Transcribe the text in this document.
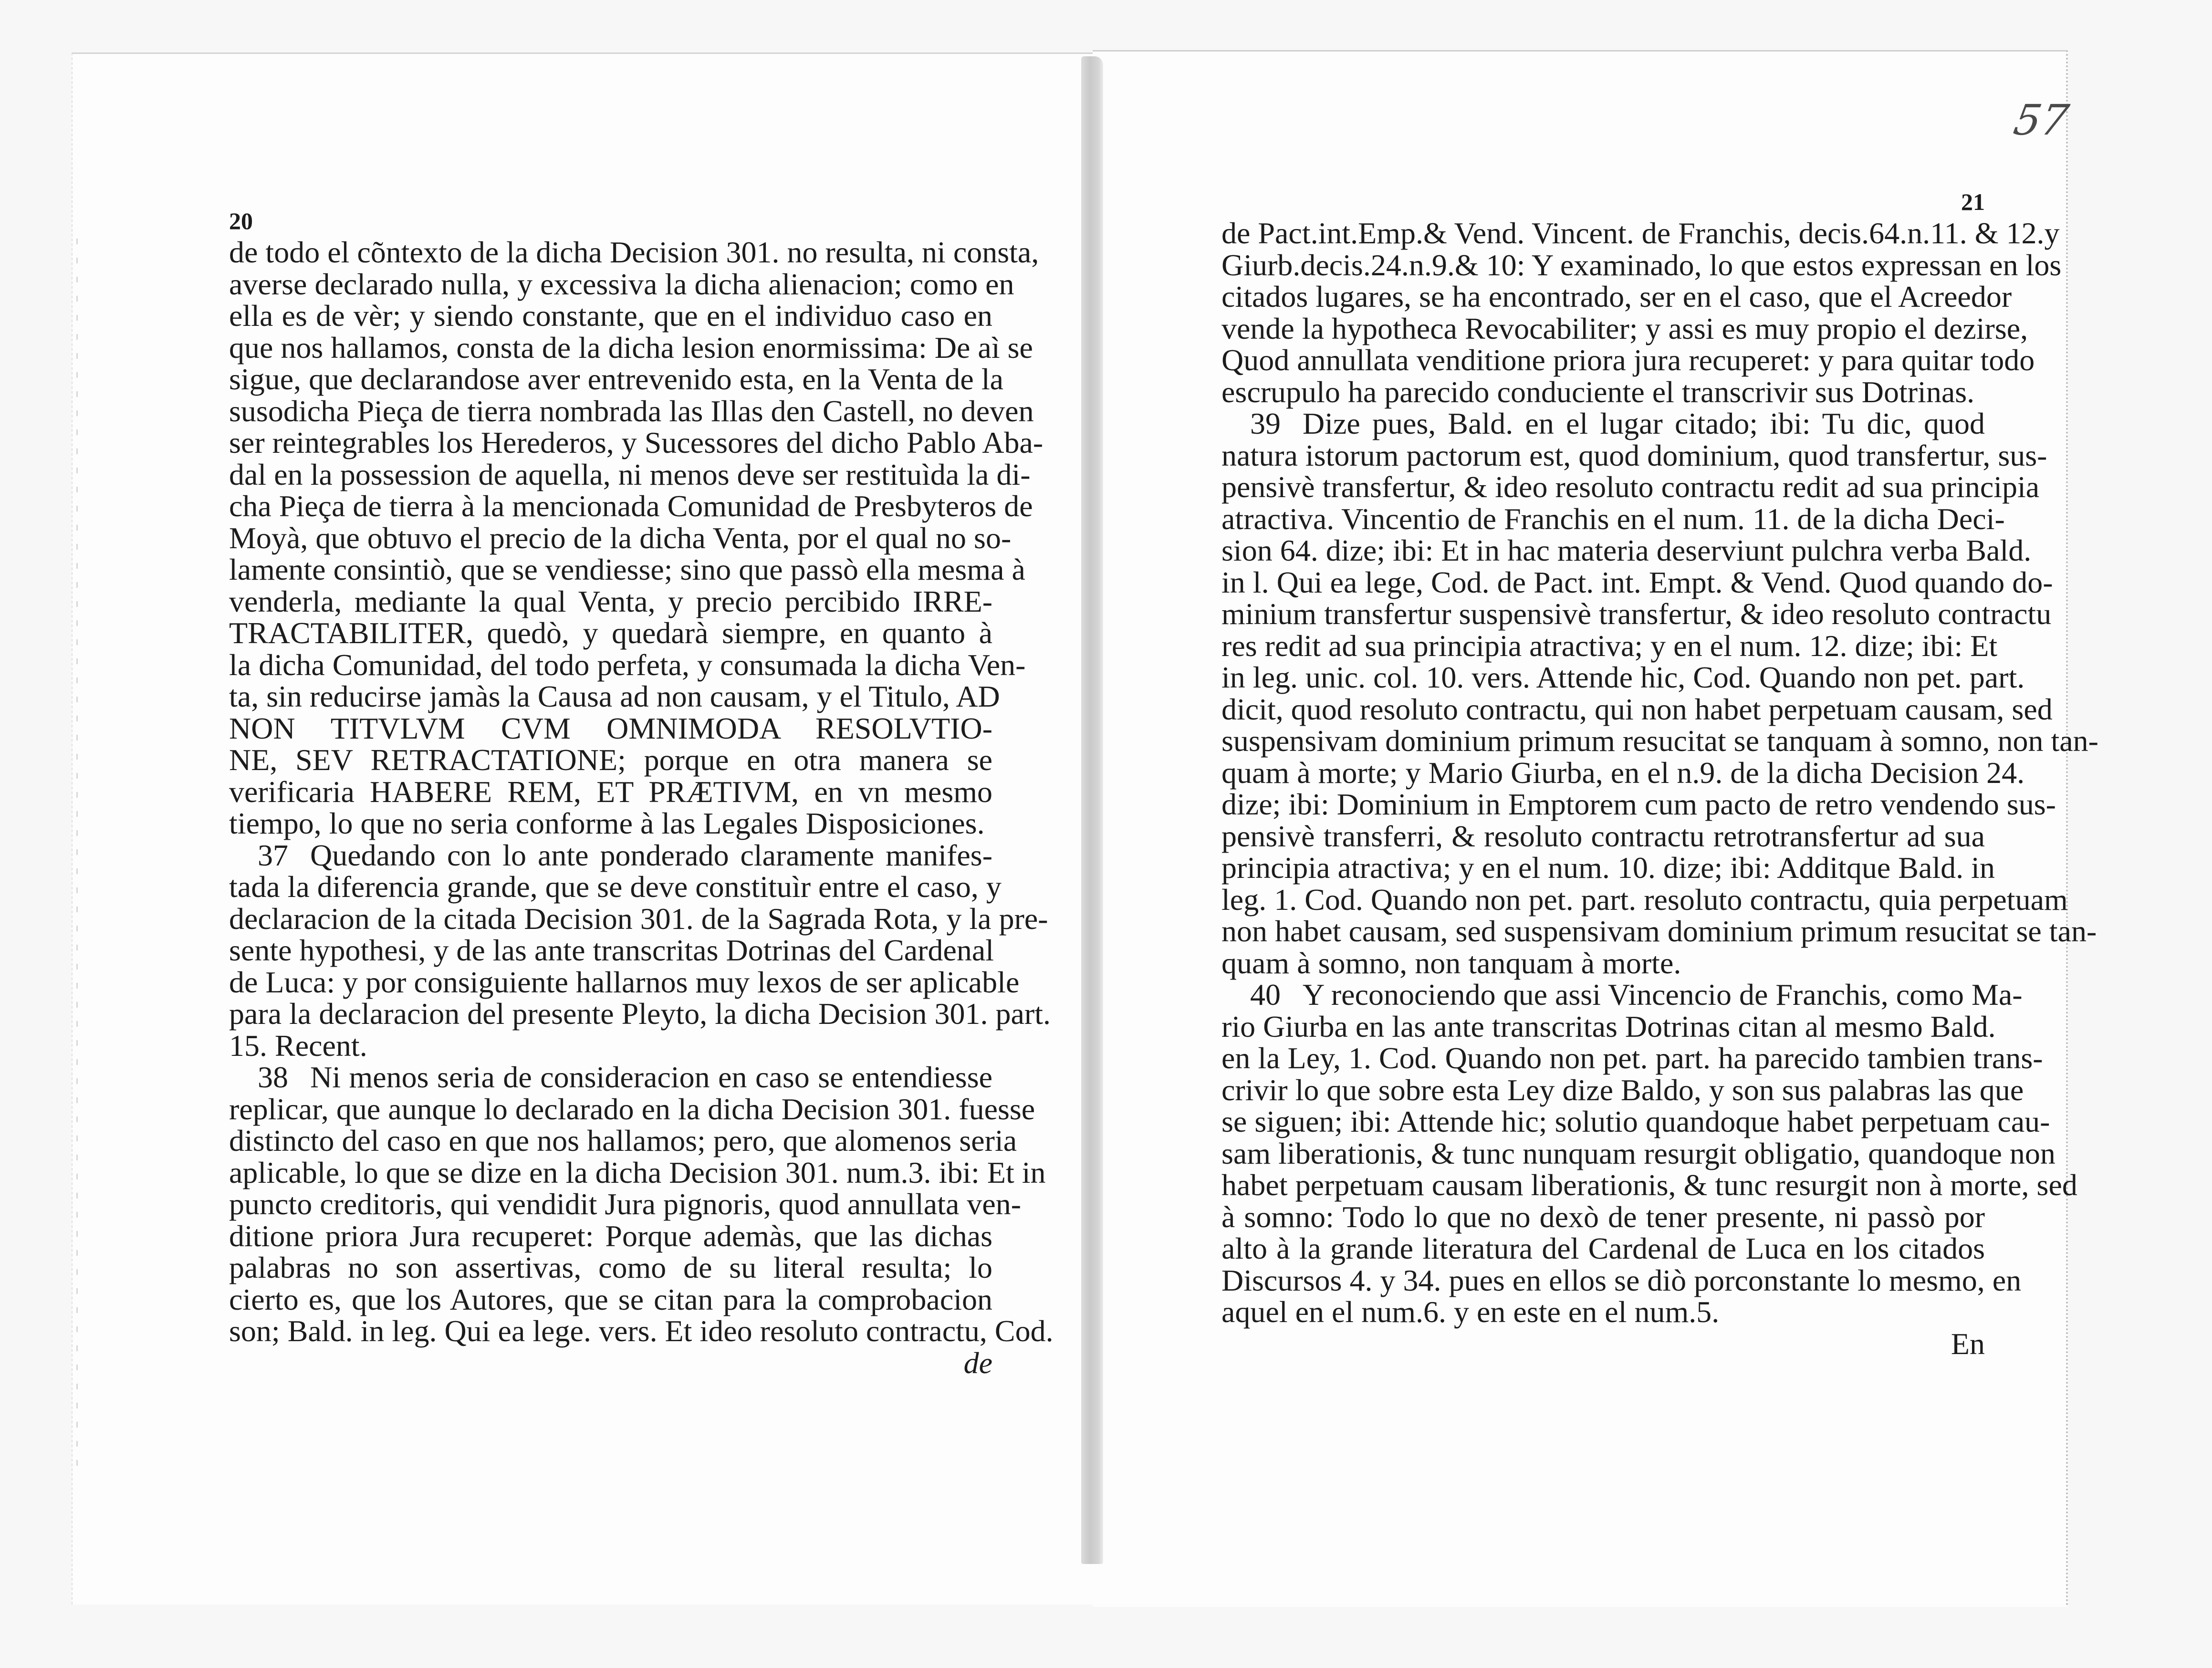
57
20
de todo el cõntexto de la dicha Decision 301. no resulta, ni consta,
averse declarado nulla, y excessiva la dicha alienacion; como en
ella es de vèr; y siendo constante, que en el individuo caso en
que nos hallamos, consta de la dicha lesion enormissima: De aì se
sigue, que declarandose aver entrevenido esta, en la Venta de la
susodicha Pieça de tierra nombrada las Illas den Castell, no deven
ser reintegrables los Herederos, y Sucessores del dicho Pablo Aba-
dal en la possession de aquella, ni menos deve ser restituìda la di-
cha Pieça de tierra à la mencionada Comunidad de Presbyteros de
Moyà, que obtuvo el precio de la dicha Venta, por el qual no so-
lamente consintiò, que se vendiesse; sino que passò ella mesma à
venderla, mediante la qual Venta, y precio percibido IRRE-
TRACTABILITER, quedò, y quedarà siempre, en quanto à
la dicha Comunidad, del todo perfeta, y consumada la dicha Ven-
ta, sin reducirse jamàs la Causa ad non causam, y el Titulo, AD
NON TITVLVM CVM OMNIMODA RESOLVTIO-
NE, SEV RETRACTATIONE; porque en otra manera se
verificaria HABERE REM, ET PRÆTIVM, en vn mesmo
tiempo, lo que no seria conforme à las Legales Disposiciones.
37 Quedando con lo ante ponderado claramente manifes-
tada la diferencia grande, que se deve constituìr entre el caso, y
declaracion de la citada Decision 301. de la Sagrada Rota, y la pre-
sente hypothesi, y de las ante transcritas Dotrinas del Cardenal
de Luca: y por consiguiente hallarnos muy lexos de ser aplicable
para la declaracion del presente Pleyto, la dicha Decision 301. part.
15. Recent.
38 Ni menos seria de consideracion en caso se entendiesse
replicar, que aunque lo declarado en la dicha Decision 301. fuesse
distincto del caso en que nos hallamos; pero, que alomenos seria
aplicable, lo que se dize en la dicha Decision 301. num.3. ibi: Et in
puncto creditoris, qui vendidit Jura pignoris, quod annullata ven-
ditione priora Jura recuperet: Porque ademàs, que las dichas
palabras no son assertivas, como de su literal resulta; lo
cierto es, que los Autores, que se citan para la comprobacion
son; Bald. in leg. Qui ea lege. vers. Et ideo resoluto contractu, Cod.
de
21
de Pact.int.Emp.& Vend. Vincent. de Franchis, decis.64.n.11. & 12.y
Giurb.decis.24.n.9.& 10: Y examinado, lo que estos expressan en los
citados lugares, se ha encontrado, ser en el caso, que el Acreedor
vende la hypotheca Revocabiliter; y assi es muy propio el dezirse,
Quod annullata venditione priora jura recuperet: y para quitar todo
escrupulo ha parecido conduciente el transcrivir sus Dotrinas.
39 Dize pues, Bald. en el lugar citado; ibi: Tu dic, quod
natura istorum pactorum est, quod dominium, quod transfertur, sus-
pensivè transfertur, & ideo resoluto contractu redit ad sua principia
atractiva. Vincentio de Franchis en el num. 11. de la dicha Deci-
sion 64. dize; ibi: Et in hac materia deserviunt pulchra verba Bald.
in l. Qui ea lege, Cod. de Pact. int. Empt. & Vend. Quod quando do-
minium transfertur suspensivè transfertur, & ideo resoluto contractu
res redit ad sua principia atractiva; y en el num. 12. dize; ibi: Et
in leg. unic. col. 10. vers. Attende hic, Cod. Quando non pet. part.
dicit, quod resoluto contractu, qui non habet perpetuam causam, sed
suspensivam dominium primum resucitat se tanquam à somno, non tan-
quam à morte; y Mario Giurba, en el n.9. de la dicha Decision 24.
dize; ibi: Dominium in Emptorem cum pacto de retro vendendo sus-
pensivè transferri, & resoluto contractu retrotransfertur ad sua
principia atractiva; y en el num. 10. dize; ibi: Additque Bald. in
leg. 1. Cod. Quando non pet. part. resoluto contractu, quia perpetuam
non habet causam, sed suspensivam dominium primum resucitat se tan-
quam à somno, non tanquam à morte.
40 Y reconociendo que assi Vincencio de Franchis, como Ma-
rio Giurba en las ante transcritas Dotrinas citan al mesmo Bald.
en la Ley, 1. Cod. Quando non pet. part. ha parecido tambien trans-
crivir lo que sobre esta Ley dize Baldo, y son sus palabras las que
se siguen; ibi: Attende hic; solutio quandoque habet perpetuam cau-
sam liberationis, & tunc nunquam resurgit obligatio, quandoque non
habet perpetuam causam liberationis, & tunc resurgit non à morte, sed
à somno: Todo lo que no dexò de tener presente, ni passò por
alto à la grande literatura del Cardenal de Luca en los citados
Discursos 4. y 34. pues en ellos se diò porconstante lo mesmo, en
aquel en el num.6. y en este en el num.5.
En
